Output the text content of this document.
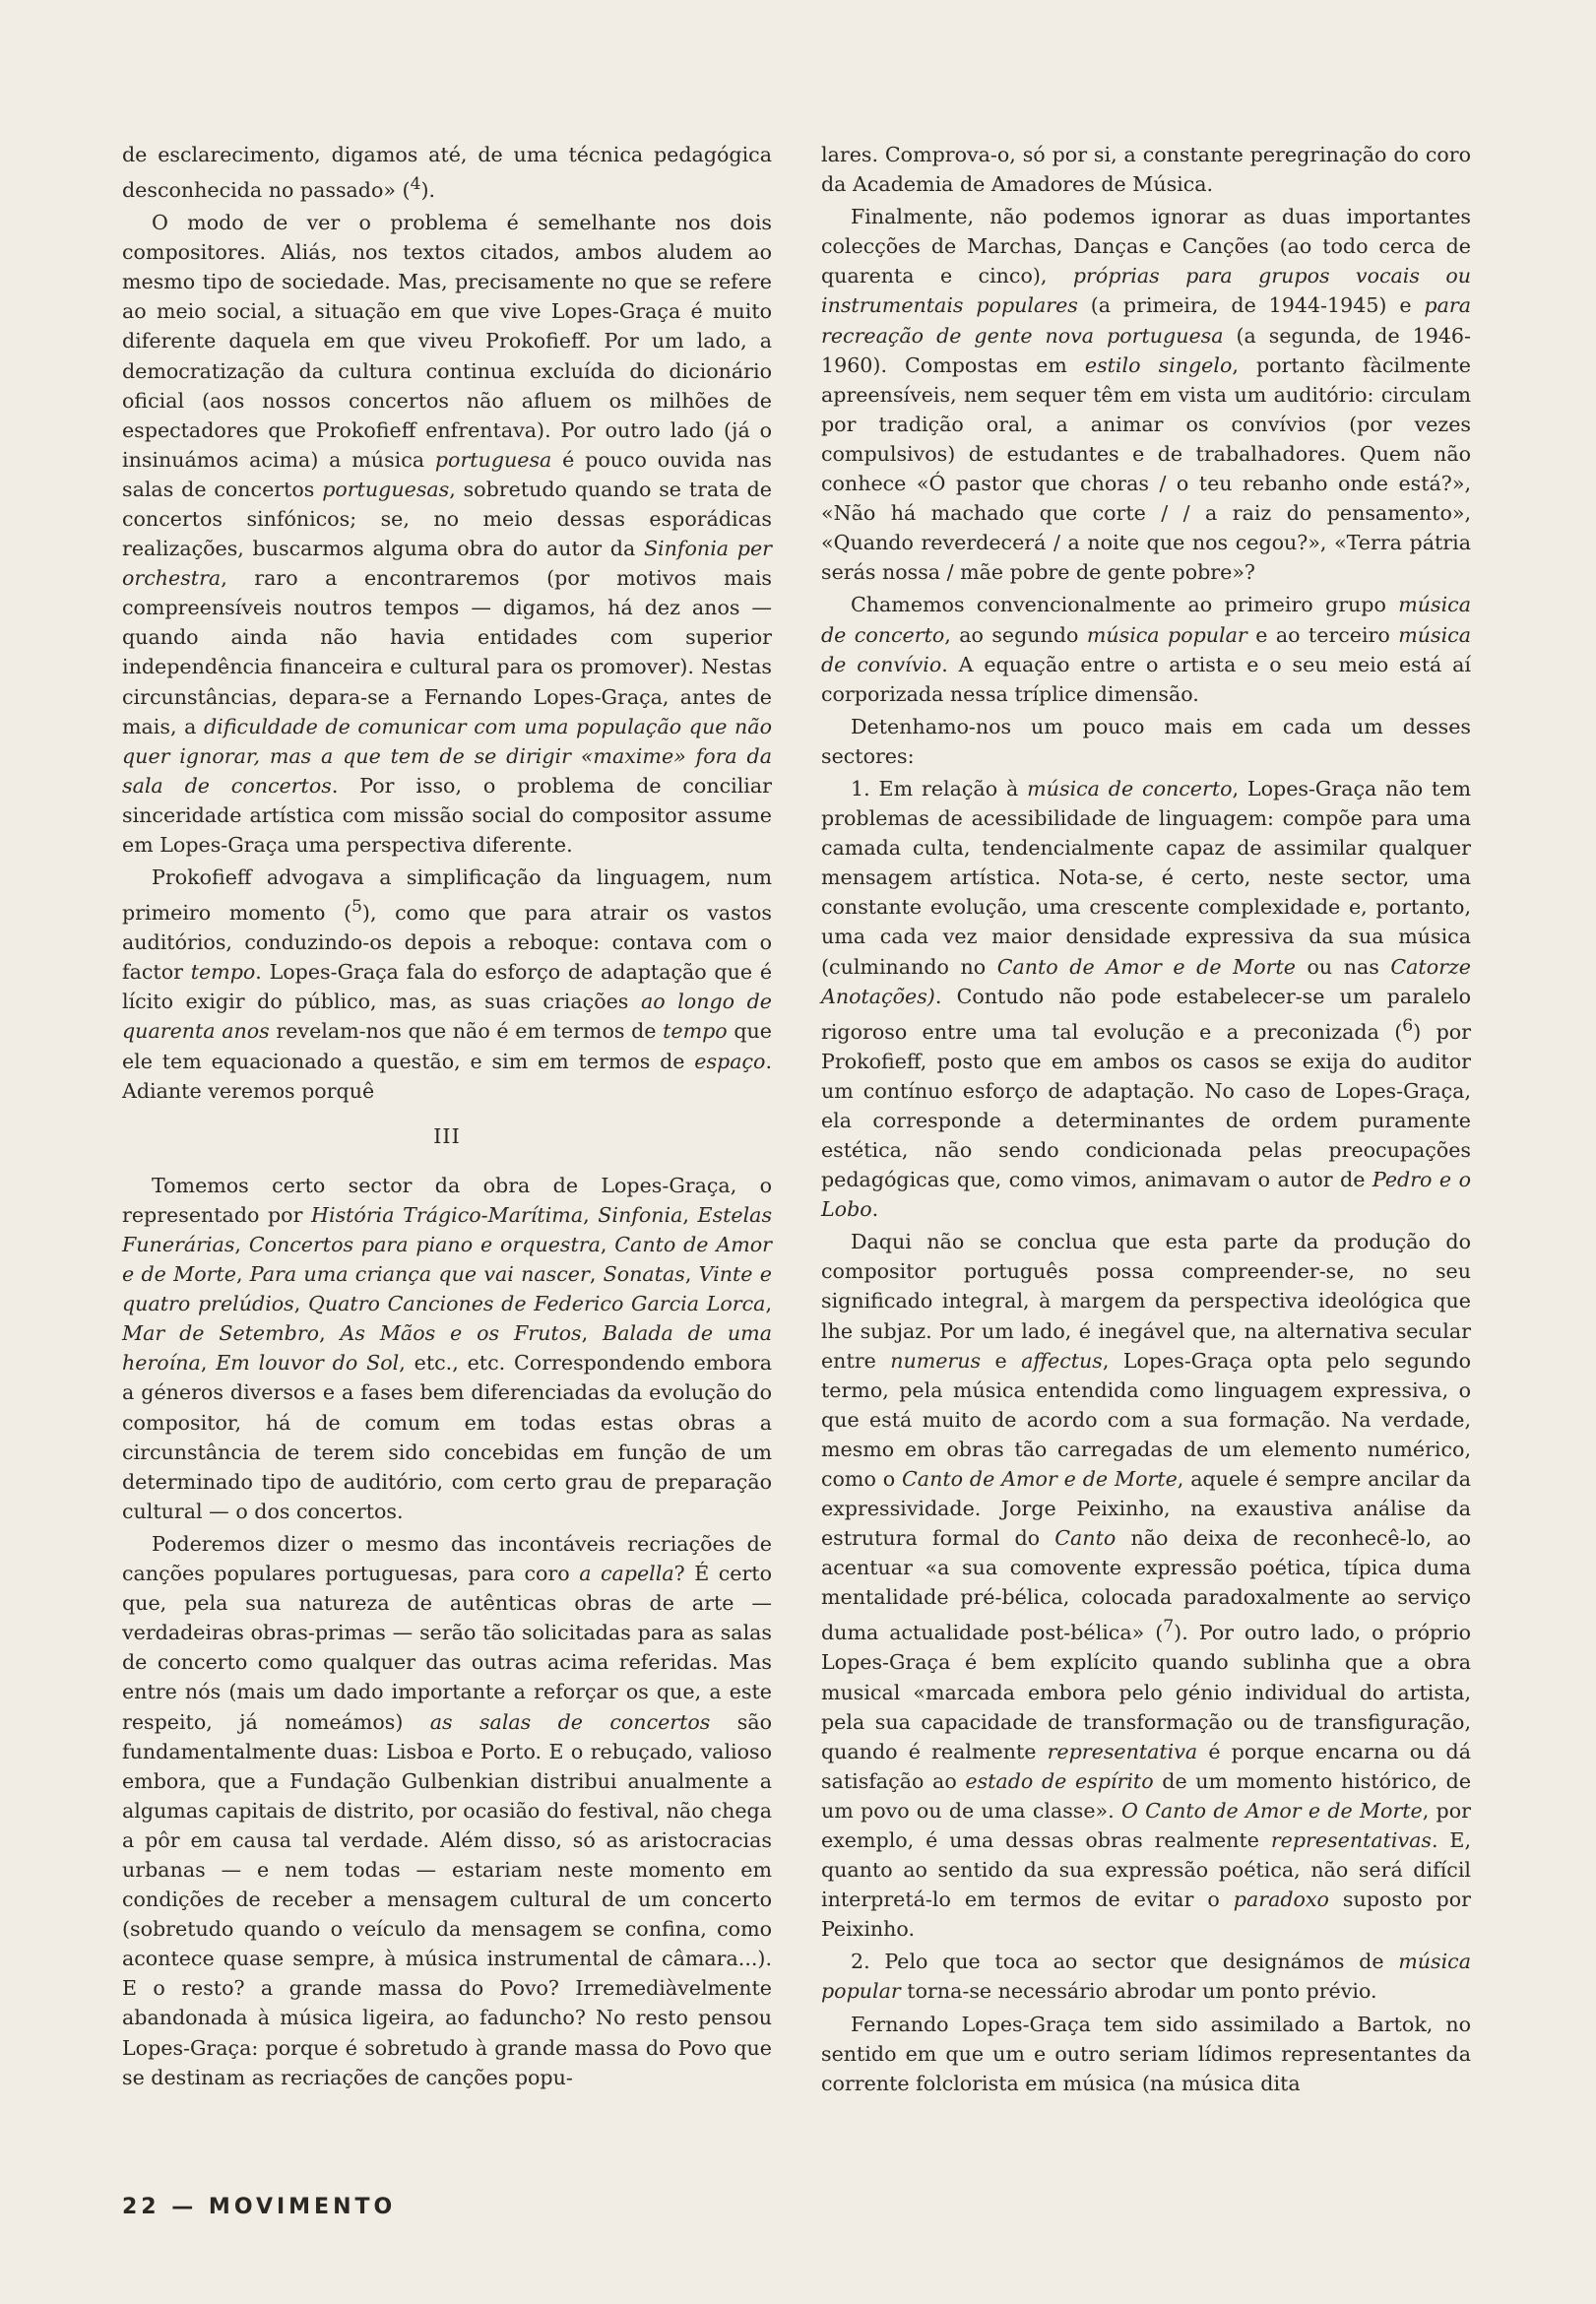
de esclarecimento, digamos até, de uma técnica pedagógica desconhecida no passado» ($^4$).

O modo de ver o problema é semelhante nos dois compositores. Aliás, nos textos citados, ambos aludem ao mesmo tipo de sociedade. Mas, precisamente no que se refere ao meio social, a situação em que vive Lopes-Graça é muito diferente daquela em que viveu Prokofieff. Por um lado, a democratização da cultura continua excluída do dicionário oficial (aos nossos concertos não afluem os milhões de espectadores que Prokofieff enfrentava). Por outro lado (já o insinuámos acima) a música portuguesa é pouco ouvida nas salas de concertos portuguesas, sobretudo quando se trata de concertos sinfónicos; se, no meio dessas esporádicas realizações, buscarmos alguma obra do autor da Sinfonia per orchestra, raro a encontraremos (por motivos mais compreensíveis noutros tempos — digamos, há dez anos — quando ainda não havia entidades com superior independência financeira e cultural para os promover). Nestas circunstâncias, depara-se a Fernando Lopes-Graça, antes de mais, a dificuldade de comunicar com uma população que não quer ignorar, mas a que tem de se dirigir «maxime» fora da sala de concertos. Por isso, o problema de conciliar sinceridade artística com missão social do compositor assume em Lopes-Graça uma perspectiva diferente.

Prokofieff advogava a simplificação da linguagem, num primeiro momento ($^5$), como que para atrair os vastos auditórios, conduzindo-os depois a reboque: contava com o factor tempo. Lopes-Graça fala do esforço de adaptação que é lícito exigir do público, mas, as suas criações ao longo de quarenta anos revelam-nos que não é em termos de tempo que ele tem equacionado a questão, e sim em termos de espaço. Adiante veremos porquê

III

Tomemos certo sector da obra de Lopes-Graça, o representado por História Trágico-Marítima, Sinfonia, Estelas Funerárias, Concertos para piano e orquestra, Canto de Amor e de Morte, Para uma criança que vai nascer, Sonatas, Vinte e quatro prelúdios, Quatro Canciones de Federico Garcia Lorca, Mar de Setembro, As Mãos e os Frutos, Balada de uma heroína, Em louvor do Sol, etc., etc. Correspondendo embora a géneros diversos e a fases bem diferenciadas da evolução do compositor, há de comum em todas estas obras a circunstância de terem sido concebidas em função de um determinado tipo de auditório, com certo grau de preparação cultural — o dos concertos.

Poderemos dizer o mesmo das incontáveis recriações de canções populares portuguesas, para coro a capella? É certo que, pela sua natureza de autênticas obras de arte — verdadeiras obras-primas — serão tão solicitadas para as salas de concerto como qualquer das outras acima referidas. Mas entre nós (mais um dado importante a reforçar os que, a este respeito, já nomeámos) as salas de concertos são fundamentalmente duas: Lisboa e Porto. E o rebuçado, valioso embora, que a Fundação Gulbenkian distribui anualmente a algumas capitais de distrito, por ocasião do festival, não chega a pôr em causa tal verdade. Além disso, só as aristocracias urbanas — e nem todas — estariam neste momento em condições de receber a mensagem cultural de um concerto (sobretudo quando o veículo da mensagem se confina, como acontece quase sempre, à música instrumental de câmara...). E o resto? a grande massa do Povo? Irremediàvelmente abandonada à música ligeira, ao faduncho? No resto pensou Lopes-Graça: porque é sobretudo à grande massa do Povo que se destinam as recriações de canções popu-

lares. Comprova-o, só por si, a constante peregrinação do coro da Academia de Amadores de Música.

Finalmente, não podemos ignorar as duas importantes colecções de Marchas, Danças e Canções (ao todo cerca de quarenta e cinco), próprias para grupos vocais ou instrumentais populares (a primeira, de 1944-1945) e para recreação de gente nova portuguesa (a segunda, de 1946-1960). Compostas em estilo singelo, portanto fàcilmente apreensíveis, nem sequer têm em vista um auditório: circulam por tradição oral, a animar os convívios (por vezes compulsivos) de estudantes e de trabalhadores. Quem não conhece «Ó pastor que choras / o teu rebanho onde está?», «Não há machado que corte / / a raiz do pensamento», «Quando reverdecerá / a noite que nos cegou?», «Terra pátria serás nossa / mãe pobre de gente pobre»?

Chamemos convencionalmente ao primeiro grupo música de concerto, ao segundo música popular e ao terceiro música de convívio. A equação entre o artista e o seu meio está aí corporizada nessa tríplice dimensão.

Detenhamo-nos um pouco mais em cada um desses sectores:

1. Em relação à música de concerto, Lopes-Graça não tem problemas de acessibilidade de linguagem: compõe para uma camada culta, tendencialmente capaz de assimilar qualquer mensagem artística. Nota-se, é certo, neste sector, uma constante evolução, uma crescente complexidade e, portanto, uma cada vez maior densidade expressiva da sua música (culminando no Canto de Amor e de Morte ou nas Catorze Anotações). Contudo não pode estabelecer-se um paralelo rigoroso entre uma tal evolução e a preconizada ($^6$) por Prokofieff, posto que em ambos os casos se exija do auditor um contínuo esforço de adaptação. No caso de Lopes-Graça, ela corresponde a determinantes de ordem puramente estética, não sendo condicionada pelas preocupações pedagógicas que, como vimos, animavam o autor de Pedro e o Lobo.

Daqui não se conclua que esta parte da produção do compositor português possa compreender-se, no seu significado integral, à margem da perspectiva ideológica que lhe subjaz. Por um lado, é inegável que, na alternativa secular entre numerus e affectus, Lopes-Graça opta pelo segundo termo, pela música entendida como linguagem expressiva, o que está muito de acordo com a sua formação. Na verdade, mesmo em obras tão carregadas de um elemento numérico, como o Canto de Amor e de Morte, aquele é sempre ancilar da expressividade. Jorge Peixinho, na exaustiva análise da estrutura formal do Canto não deixa de reconhecê-lo, ao acentuar «a sua comovente expressão poética, típica duma mentalidade pré-bélica, colocada paradoxalmente ao serviço duma actualidade post-bélica» ($^7$). Por outro lado, o próprio Lopes-Graça é bem explícito quando sublinha que a obra musical «marcada embora pelo génio individual do artista, pela sua capacidade de transformação ou de transfiguração, quando é realmente representativa é porque encarna ou dá satisfação ao estado de espírito de um momento histórico, de um povo ou de uma classe». O Canto de Amor e de Morte, por exemplo, é uma dessas obras realmente representativas. E, quanto ao sentido da sua expressão poética, não será difícil interpretá-lo em termos de evitar o paradoxo suposto por Peixinho.

2. Pelo que toca ao sector que designámos de música popular torna-se necessário abrodar um ponto prévio.

Fernando Lopes-Graça tem sido assimilado a Bartok, no sentido em que um e outro seriam lídimos representantes da corrente folclorista em música (na música dita

22 — MOVIMENTO
